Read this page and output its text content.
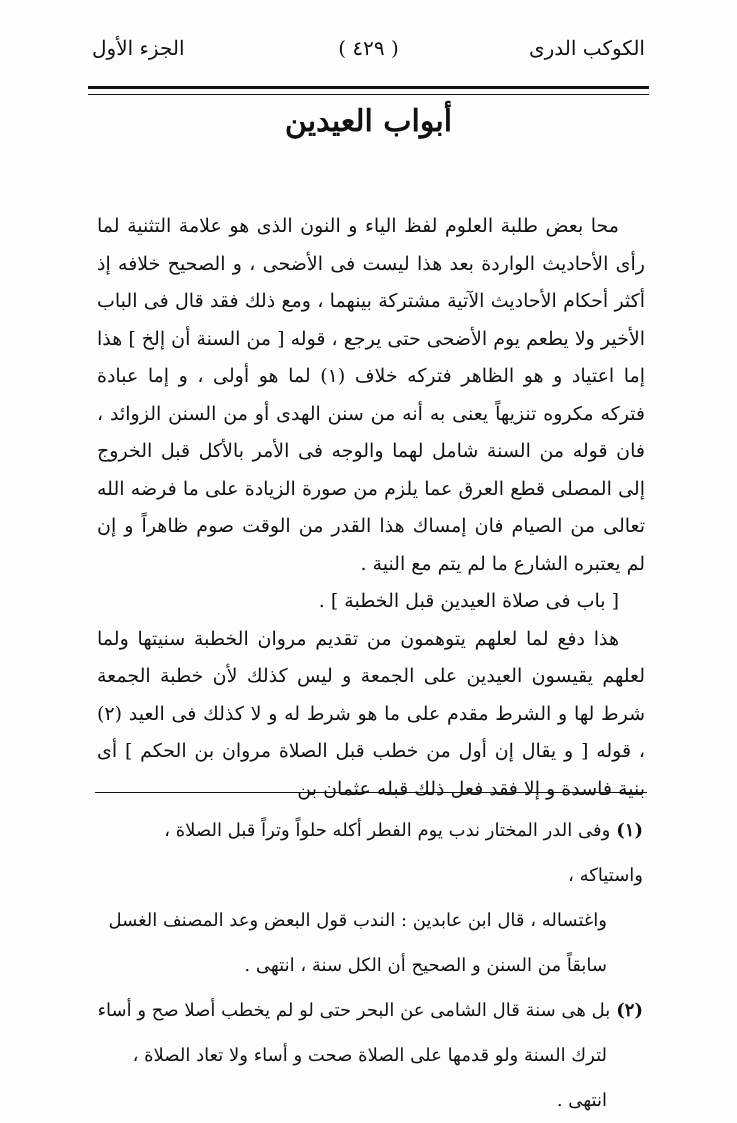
الكوكب الدرى
( ٤٢٩ )
الجزء الأول
أبواب العيدين

محا بعض طلبة العلوم لفظ الياء و النون الذى هو علامة التثنية لما رأى الأحاديث الواردة بعد هذا ليست فى الأضحى ، و الصحيح خلافه إذ أكثر أحكام الأحاديث الآتية مشتركة بينهما ، ومع ذلك فقد قال فى الباب الأخير ولا يطعم يوم الأضحى حتى يرجع ، قوله [ من السنة أن إلخ ] هذا إما اعتياد و هو الظاهر فتركه خلاف (١) لما هو أولى ، و إما عبادة فتركه مكروه تنزيهاً يعنى به أنه من سنن الهدى أو من السنن الزوائد ، فان قوله من السنة شامل لهما والوجه فى الأمر بالأكل قبل الخروج إلى المصلى قطع العرق عما يلزم من صورة الزيادة على ما فرضه الله تعالى من الصيام فان إمساك هذا القدر من الوقت صوم ظاهراً و إن لم يعتبره الشارع ما لم يتم مع النية .

[ باب فى صلاة العيدين قبل الخطبة ] .

هذا دفع لما لعلهم يتوهمون من تقديم مروان الخطبة سنيتها ولما لعلهم يقيسون العيدين على الجمعة و ليس كذلك لأن خطبة الجمعة شرط لها و الشرط مقدم على ما هو شرط له و لا كذلك فى العيد (٢) ، قوله [ و يقال إن أول من خطب قبل الصلاة مروان بن الحكم ] أى بنية فاسدة و إلا فقد فعل ذلك قبله عثمان بن

(١)وفى الدر المختار ندب يوم الفطر أكله حلواً وتراً قبل الصلاة ، واستياكه ،

واغتساله ، قال ابن عابدين : الندب قول البعض وعد المصنف الغسل

سابقاً من السنن و الصحيح أن الكل سنة ، انتهى .

(٢)بل هى سنة قال الشامى عن البحر حتى لو لم يخطب أصلا صح و أساء

لترك السنة ولو قدمها على الصلاة صحت و أساء ولا تعاد الصلاة ، انتهى .
